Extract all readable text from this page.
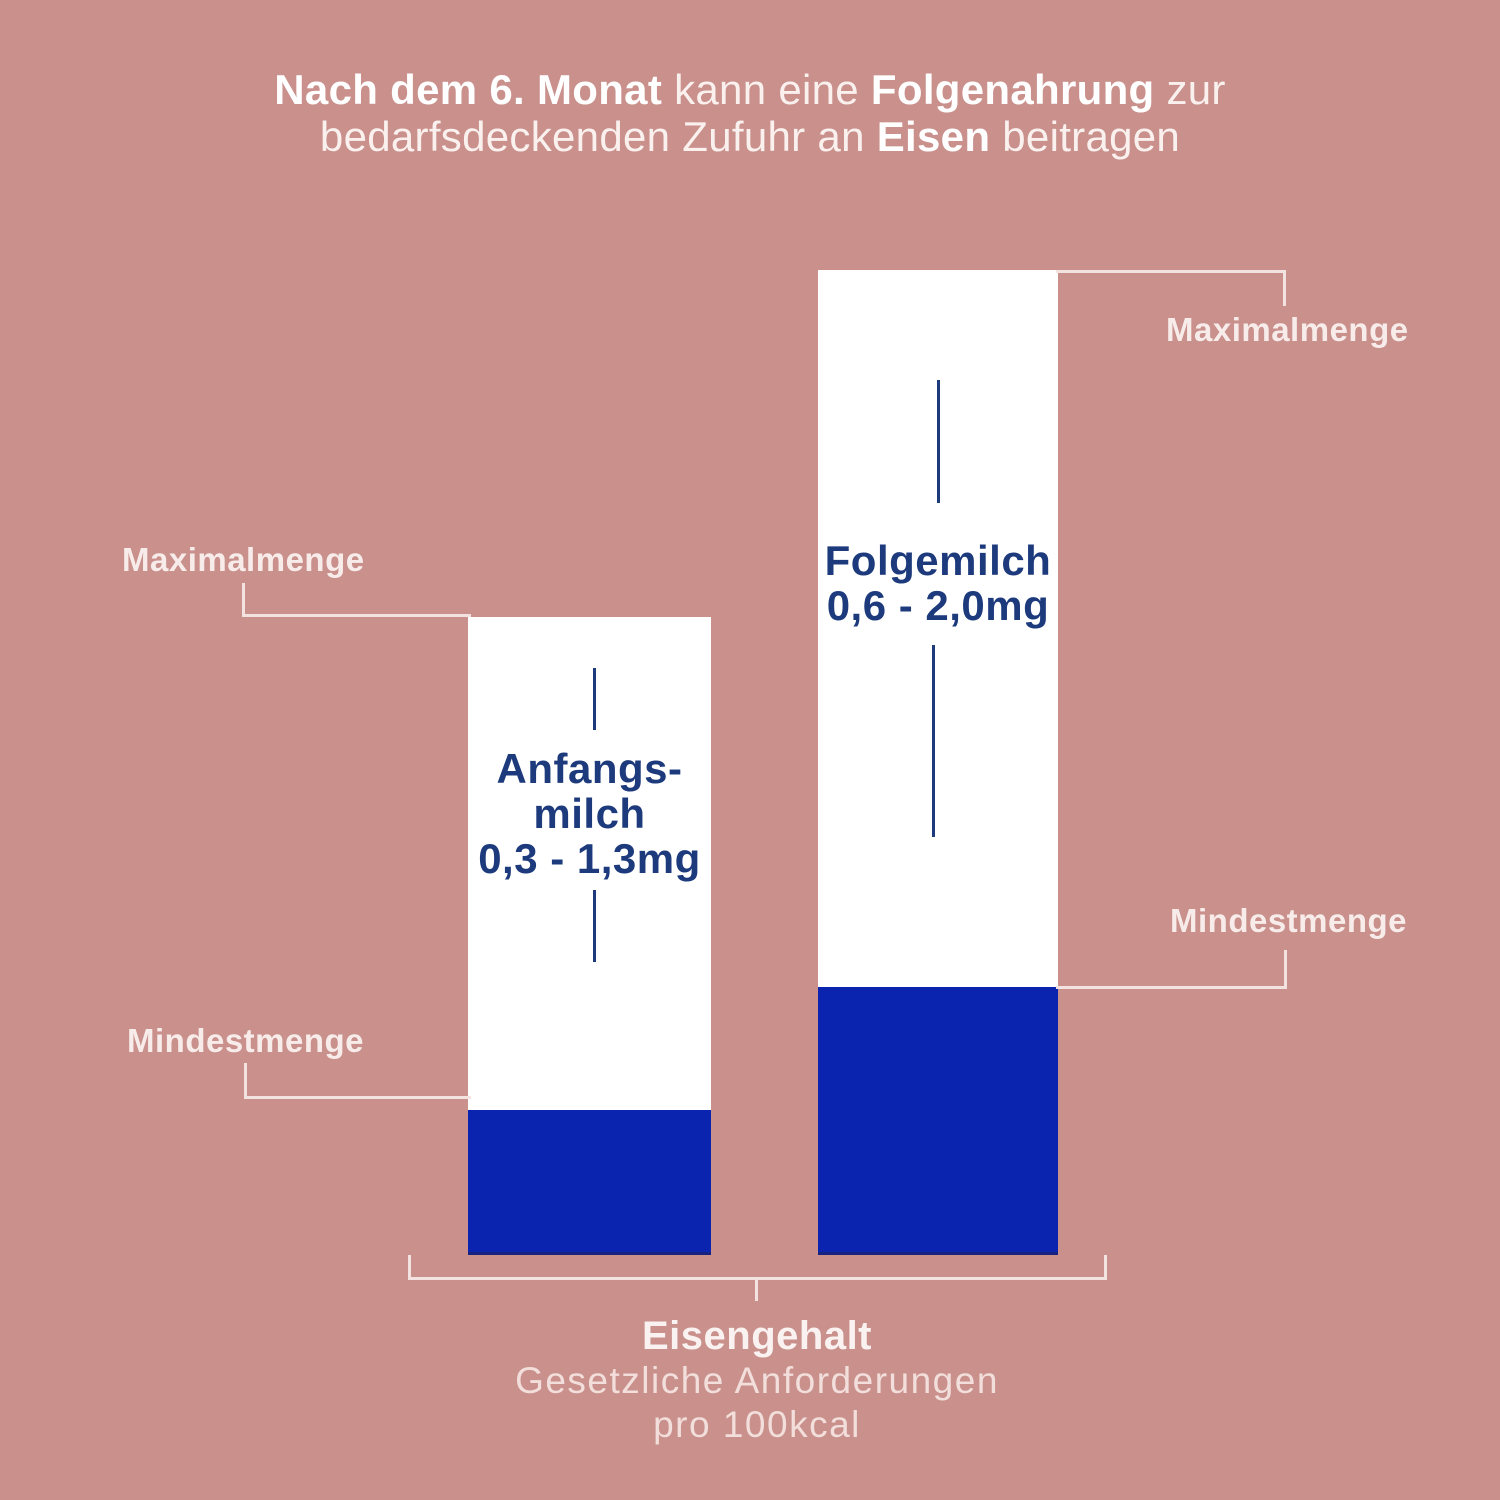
Nach dem 6. Monat kann eine Folgenahrung zur
bedarfsdeckenden Zufuhr an Eisen beitragen
Anfangs-
milch
0,3 - 1,3mg
Folgemilch
0,6 - 2,0mg
Maximalmenge
Mindestmenge
Maximalmenge
Mindestmenge
Eisengehalt
Gesetzliche Anforderungen
pro 100kcal
